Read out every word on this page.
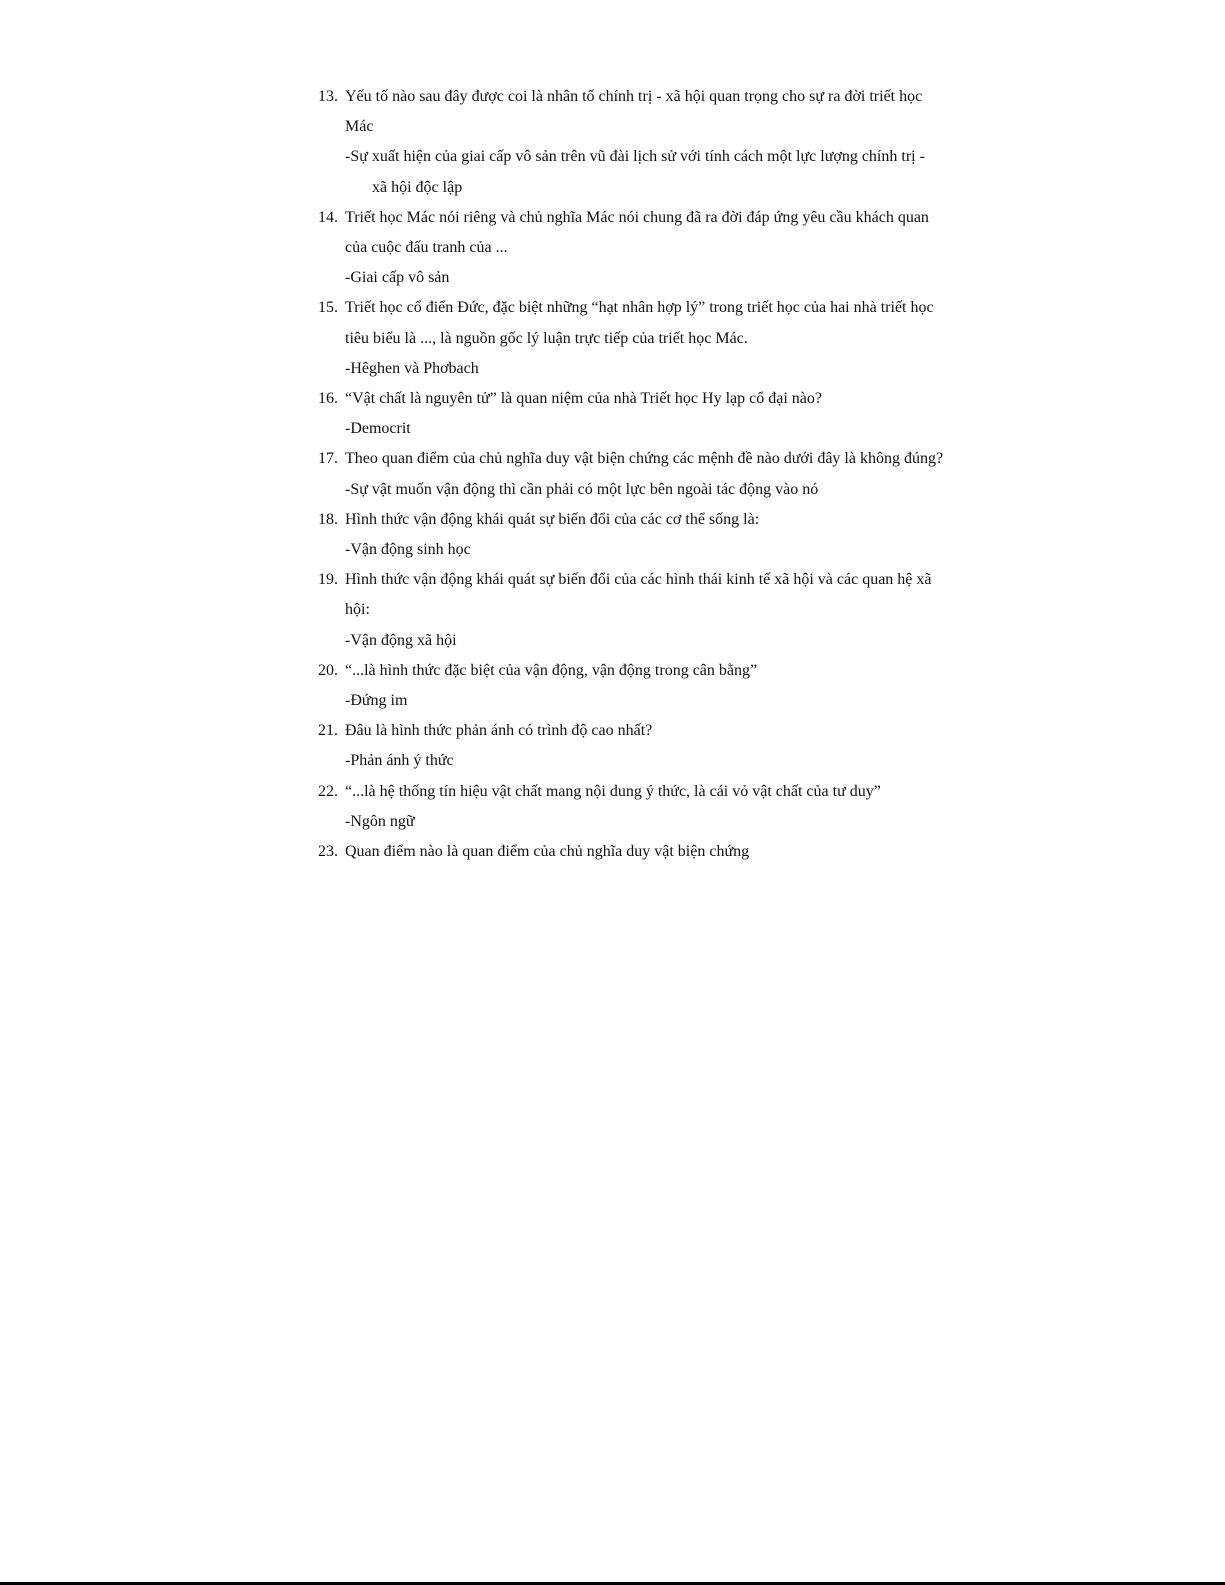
13. Yếu tố nào sau đây được coi là nhân tố chính trị - xã hội quan trọng cho sự ra đời triết học
Mác
-Sự xuất hiện của giai cấp vô sản trên vũ đài lịch sử với tính cách một lực lượng chính trị -
xã hội độc lập
14. Triết học Mác nói riêng và chủ nghĩa Mác nói chung đã ra đời đáp ứng yêu cầu khách quan
của cuộc đấu tranh của ...
-Giai cấp vô sản
15. Triết học cổ điển Đức, đặc biệt những “hạt nhân hợp lý” trong triết học của hai nhà triết học
tiêu biểu là ..., là nguồn gốc lý luận trực tiếp của triết học Mác.
-Hêghen và Phơbach
16. “Vật chất là nguyên tử” là quan niệm của nhà Triết học Hy lạp cổ đại nào?
-Democrit
17. Theo quan điểm của chủ nghĩa duy vật biện chứng các mệnh đề nào dưới đây là không đúng?
-Sự vật muốn vận động thì cần phải có một lực bên ngoài tác động vào nó
18. Hình thức vận động khái quát sự biến đổi của các cơ thể sống là:
-Vận động sinh học
19. Hình thức vận động khái quát sự biến đổi của các hình thái kinh tế xã hội và các quan hệ xã
hội:
-Vận động xã hội
20. “...là hình thức đặc biệt của vận động, vận động trong cân bằng”
-Đứng im
21. Đâu là hình thức phản ánh có trình độ cao nhất?
-Phản ánh ý thức
22. “...là hệ thống tín hiệu vật chất mang nội dung ý thức, là cái vỏ vật chất của tư duy”
-Ngôn ngữ
23. Quan điểm nào là quan điểm của chủ nghĩa duy vật biện chứng
